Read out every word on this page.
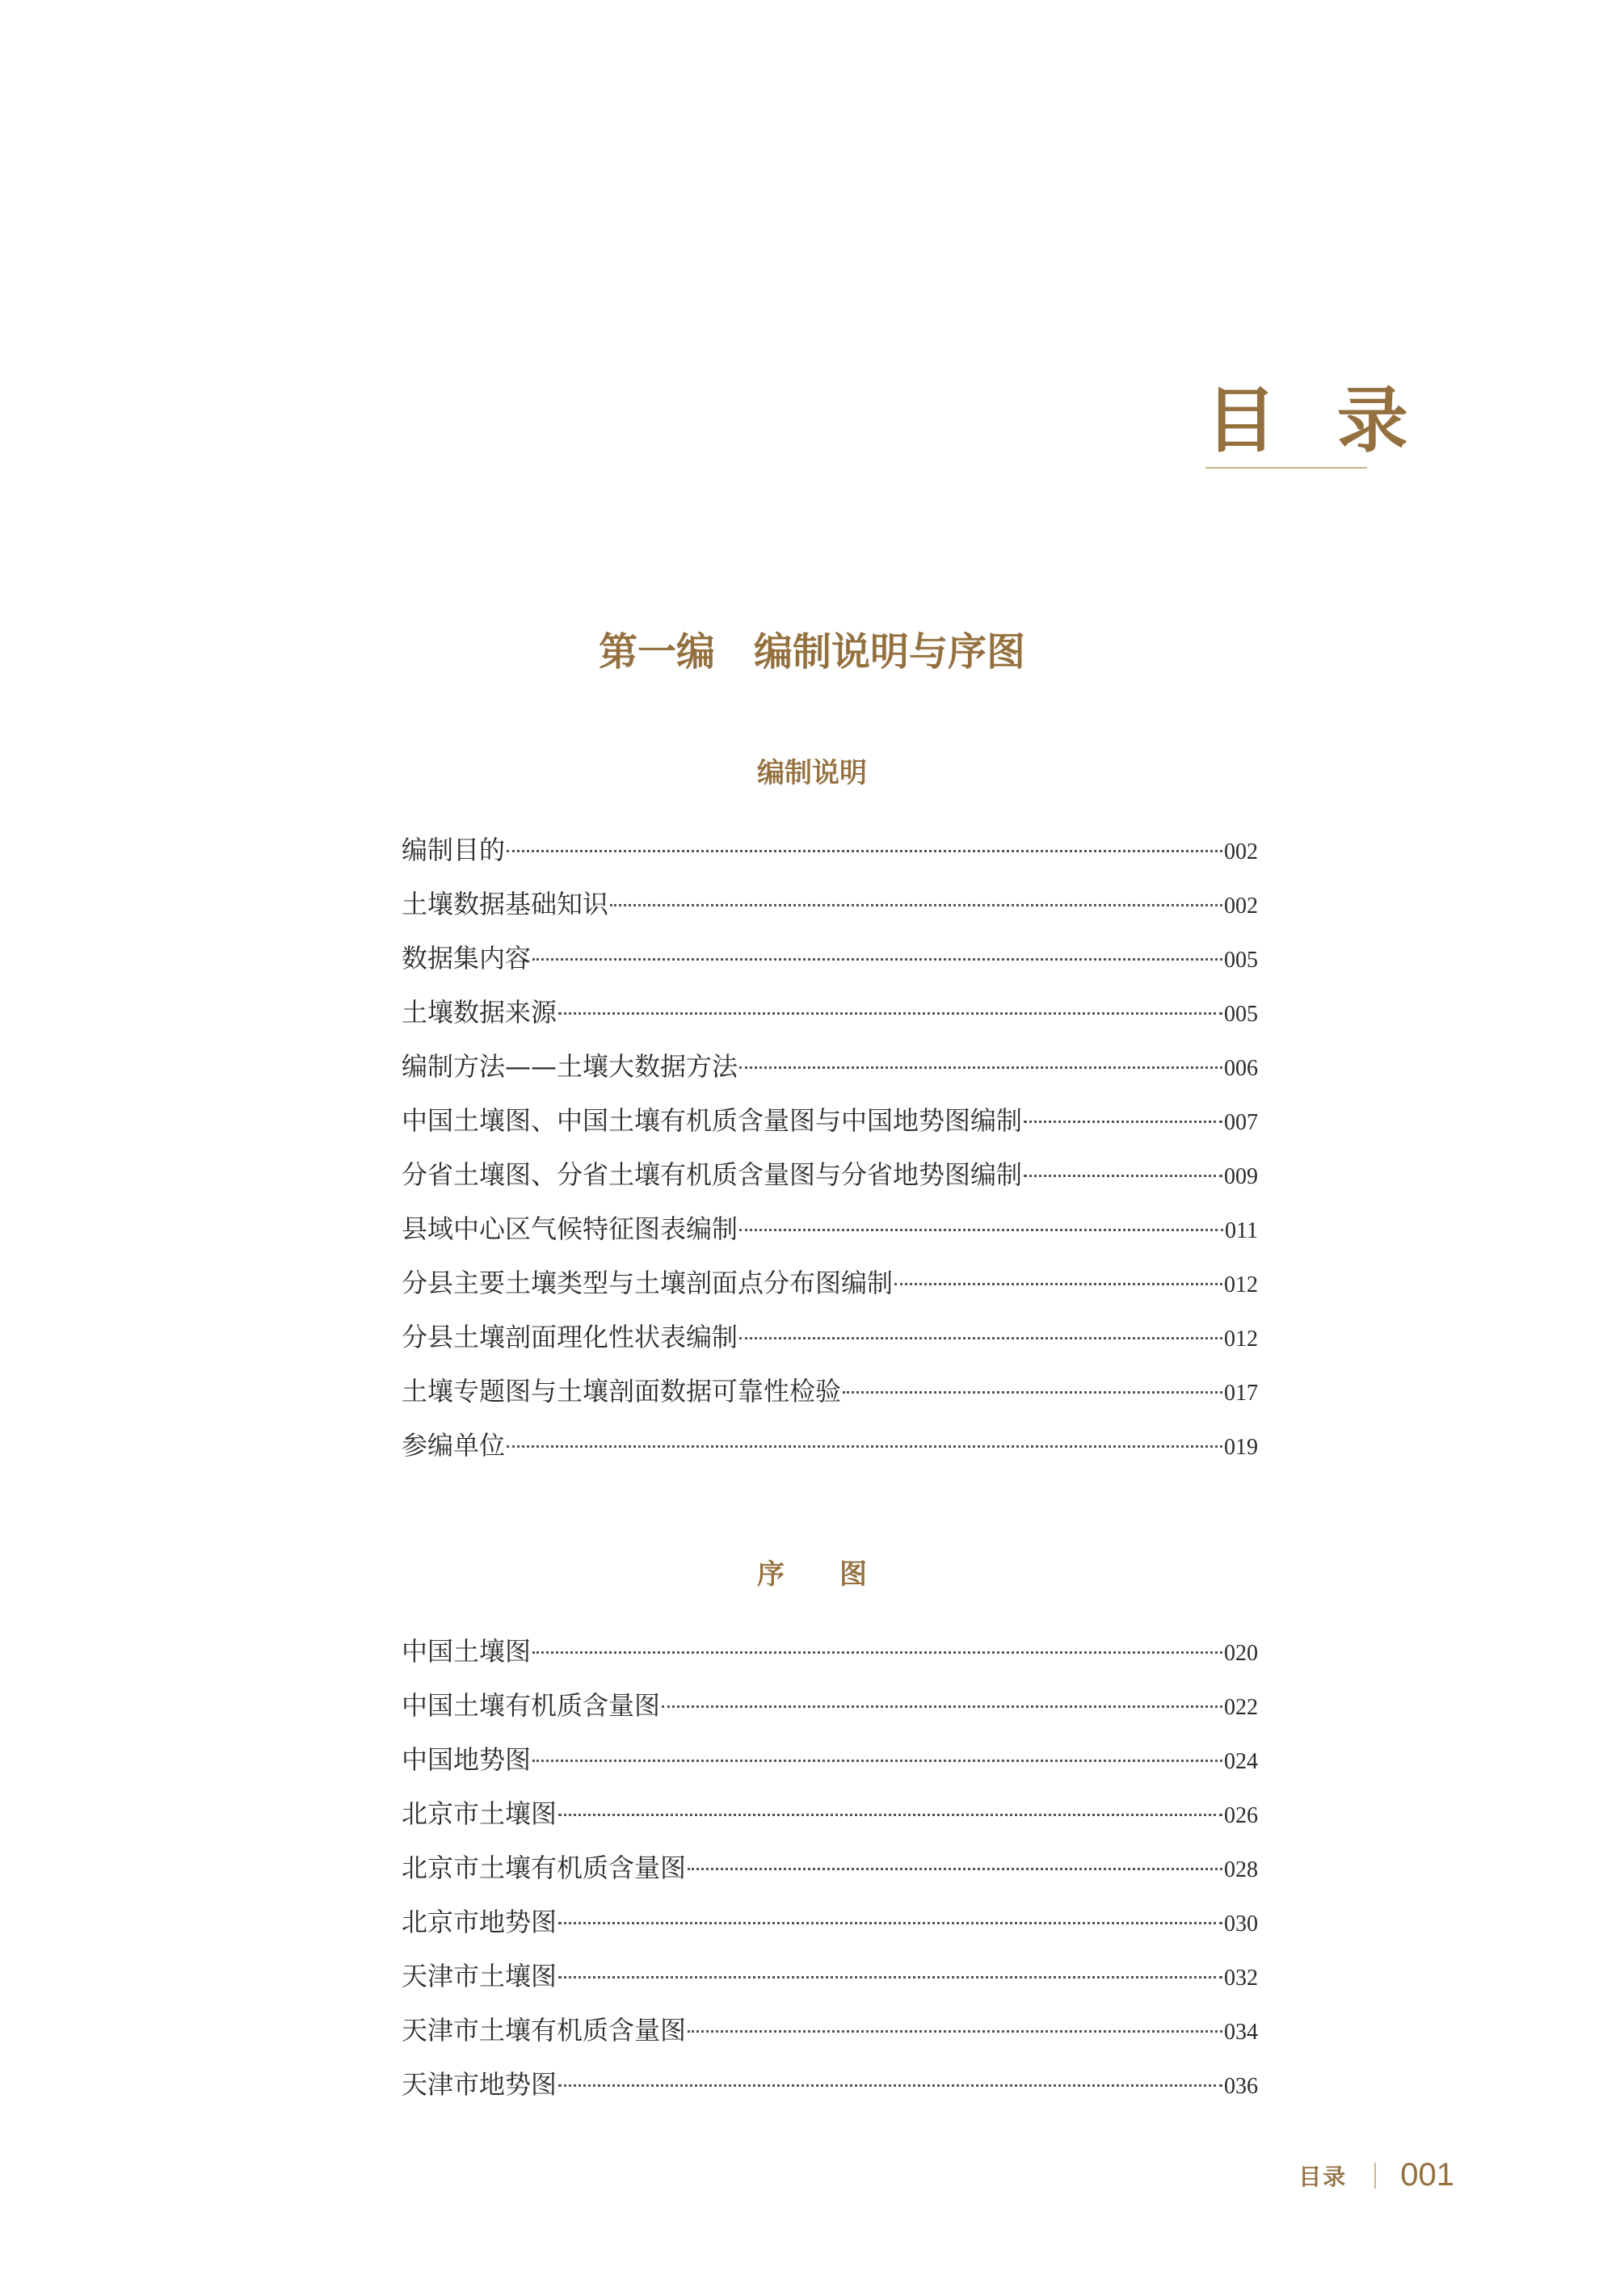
目 录
第一编　编制说明与序图
编制说明
编制目的	002
土壤数据基础知识	002
数据集内容	005
土壤数据来源	005
编制方法——土壤大数据方法	006
中国土壤图、中国土壤有机质含量图与中国地势图编制	007
分省土壤图、分省土壤有机质含量图与分省地势图编制	009
县域中心区气候特征图表编制	011
分县主要土壤类型与土壤剖面点分布图编制	012
分县土壤剖面理化性状表编制	012
土壤专题图与土壤剖面数据可靠性检验	017
参编单位	019
序　　图
中国土壤图	020
中国土壤有机质含量图	022
中国地势图	024
北京市土壤图	026
北京市土壤有机质含量图	028
北京市地势图	030
天津市土壤图	032
天津市土壤有机质含量图	034
天津市地势图	036
目录 001
